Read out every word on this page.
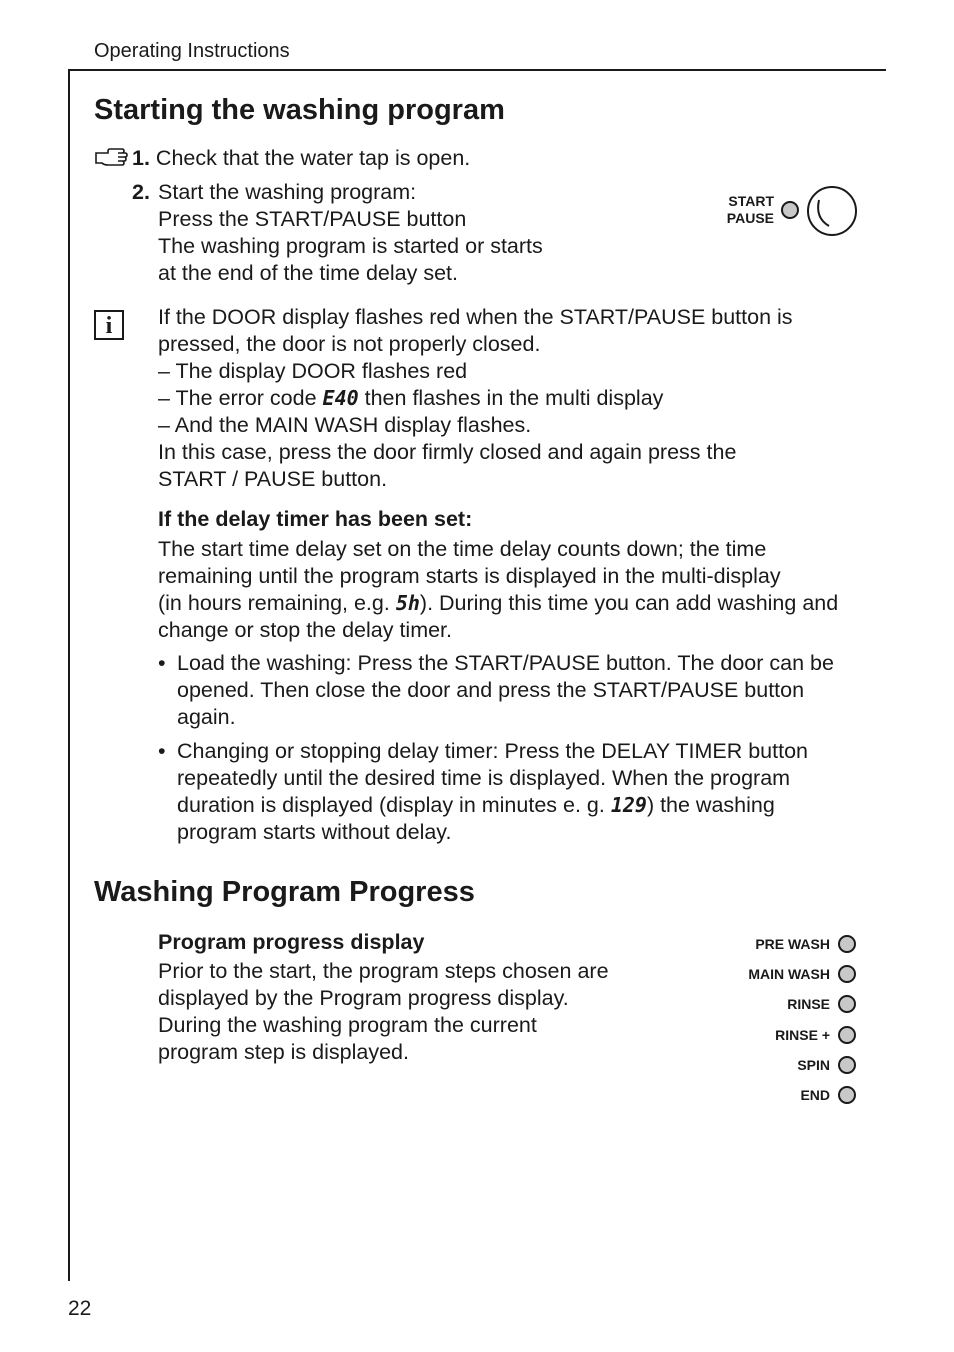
Operating Instructions
22
Starting the washing program
1. Check that the water tap is open.
2. Start the washing program:
Press the START/PAUSE button
The washing program is started or starts
at the end of the time delay set.
START
PAUSE
i	If the DOOR display flashes red when the START/PAUSE button is
pressed, the door is not properly closed.
– The display DOOR flashes red
– The error code E40 then flashes in the multi display
– And the MAIN WASH display flashes.
In this case, press the door firmly closed and again press the
START / PAUSE button.
If the delay timer has been set:
The start time delay set on the time delay counts down; the time
remaining until the program starts is displayed in the multi-display
(in hours remaining, e.g. 5h). During this time you can add washing and
change or stop the delay timer.
• Load the washing: Press the START/PAUSE button. The door can be
opened. Then close the door and press the START/PAUSE button
again.
• Changing or stopping delay timer: Press the DELAY TIMER button
repeatedly until the desired time is displayed. When the program
duration is displayed (display in minutes e. g. 129) the washing
program starts without delay.
Washing Program Progress
Program progress display
Prior to the start, the program steps chosen are
displayed by the Program progress display.
During the washing program the current
program step is displayed.
PRE WASH
MAIN WASH
RINSE
RINSE +
SPIN
END
